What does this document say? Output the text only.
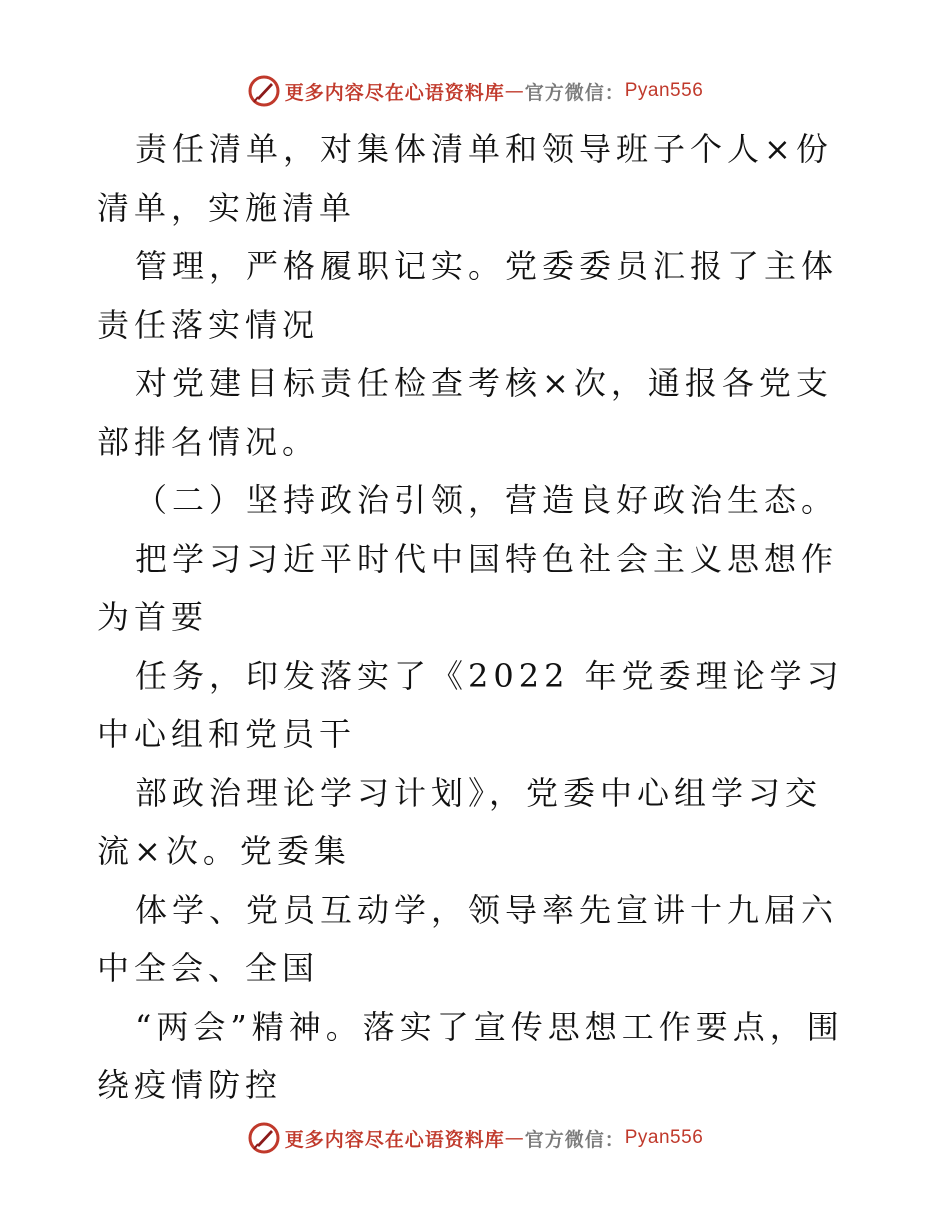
更多内容尽在心语资料库 — 官方微信： Pyan556

责任清单，对集体清单和领导班子个人×份清单，实施清单

管理，严格履职记实。党委委员汇报了主体责任落实情况

对党建目标责任检查考核×次，通报各党支部排名情况。

（二）坚持政治引领，营造良好政治生态。

把学习习近平时代中国特色社会主义思想作为首要

任务，印发落实了《2022 年党委理论学习中心组和党员干

部政治理论学习计划》，党委中心组学习交流×次。党委集

体学、党员互动学，领导率先宣讲十九届六中全会、全国

“两会”精神。落实了宣传思想工作要点，围绕疫情防控

更多内容尽在心语资料库 — 官方微信： Pyan556
